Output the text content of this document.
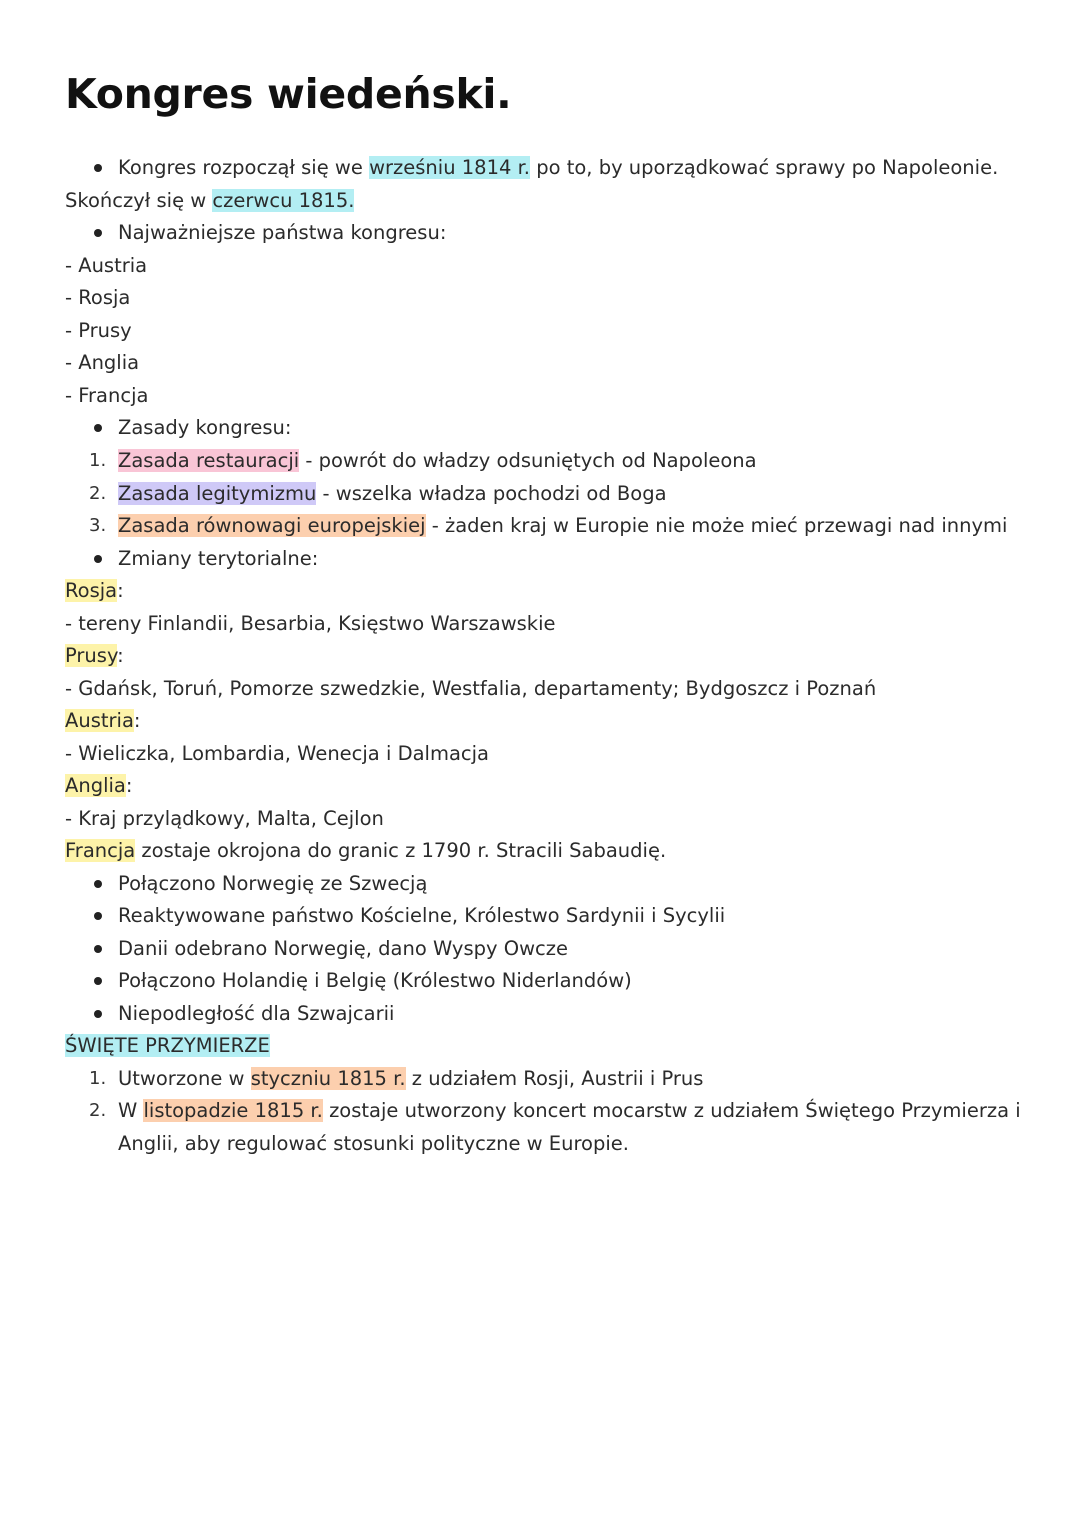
Kongres wiedeński.
Kongres rozpoczął się we wrześniu 1814 r. po to, by uporządkować sprawy po Napoleonie.
Skończył się w czerwcu 1815.
Najważniejsze państwa kongresu:
- Austria
- Rosja
- Prusy
- Anglia
- Francja
Zasady kongresu:
1. Zasada restauracji - powrót do władzy odsuniętych od Napoleona
2. Zasada legitymizmu - wszelka władza pochodzi od Boga
3. Zasada równowagi europejskiej - żaden kraj w Europie nie może mieć przewagi nad innymi
Zmiany terytorialne:
Rosja:
- tereny Finlandii, Besarbia, Księstwo Warszawskie
Prusy:
- Gdańsk, Toruń, Pomorze szwedzkie, Westfalia, departamenty; Bydgoszcz i Poznań
Austria:
- Wieliczka, Lombardia, Wenecja i Dalmacja
Anglia:
- Kraj przylądkowy, Malta, Cejlon
Francja zostaje okrojona do granic z 1790 r. Stracili Sabaudię.
Połączono Norwegię ze Szwecją
Reaktywowane państwo Kościelne, Królestwo Sardynii i Sycylii
Danii odebrano Norwegię, dano Wyspy Owcze
Połączono Holandię i Belgię (Królestwo Niderlandów)
Niepodległość dla Szwajcarii
ŚWIĘTE PRZYMIERZE
1. Utworzone w styczniu 1815 r. z udziałem Rosji, Austrii i Prus
2. W listopadzie 1815 r. zostaje utworzony koncert mocarstw z udziałem Świętego Przymierza i
Anglii, aby regulować stosunki polityczne w Europie.
